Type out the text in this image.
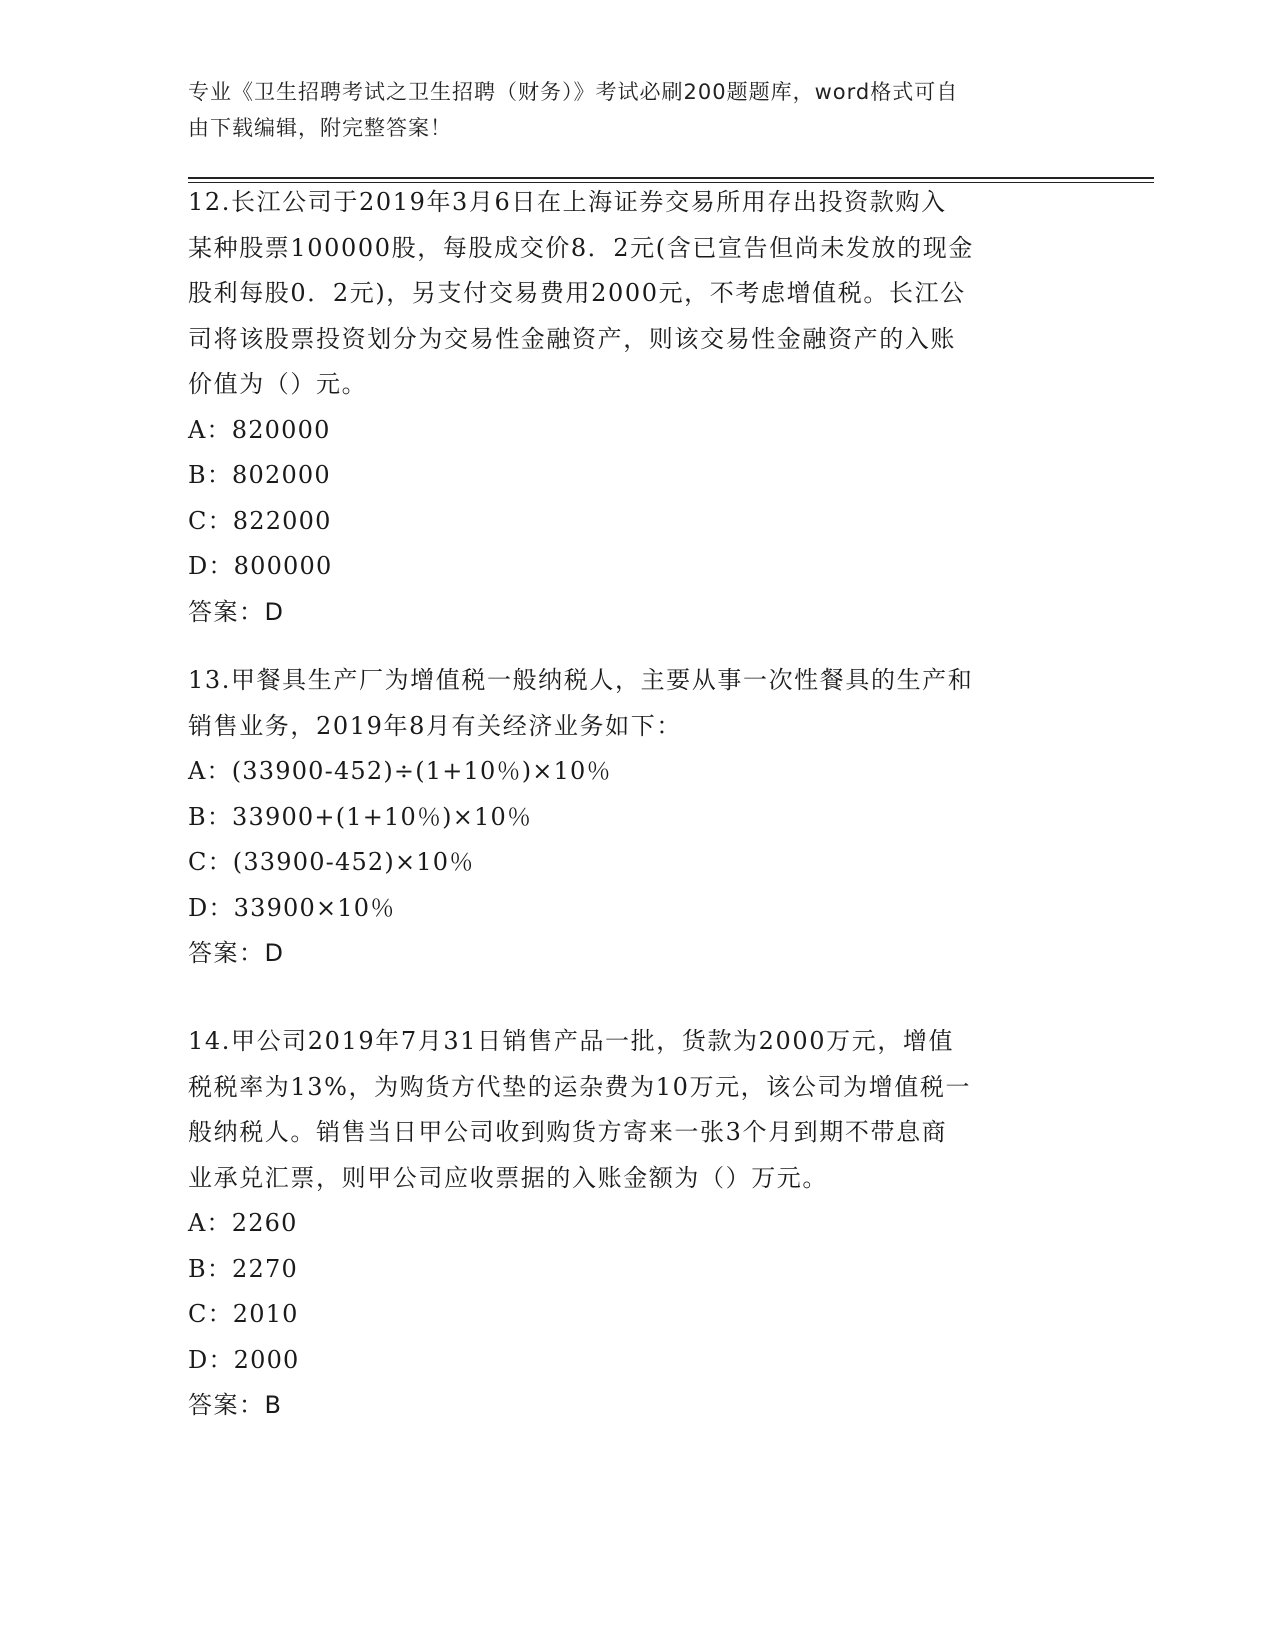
专业《卫生招聘考试之卫生招聘（财务）》考试必刷200题题库，word格式可自
由下载编辑，附完整答案！

12.长江公司于2019年3月6日在上海证券交易所用存出投资款购入

某种股票100000股，每股成交价8．2元(含已宣告但尚未发放的现金

股利每股0．2元)，另支付交易费用2000元，不考虑增值税。长江公

司将该股票投资划分为交易性金融资产，则该交易性金融资产的入账

价值为（）元。

A：820000

B：802000

C：822000

D：800000

答案：D

13.甲餐具生产厂为增值税一般纳税人，主要从事一次性餐具的生产和

销售业务，2019年8月有关经济业务如下：

A：(33900-452)÷(1+10％)×10％

B：33900+(1+10％)×10％

C：(33900-452)×10％

D：33900×10％

答案：D

14.甲公司2019年7月31日销售产品一批，货款为2000万元，增值

税税率为13%，为购货方代垫的运杂费为10万元，该公司为增值税一

般纳税人。销售当日甲公司收到购货方寄来一张3个月到期不带息商

业承兑汇票，则甲公司应收票据的入账金额为（）万元。

A：2260

B：2270

C：2010

D：2000

答案：B
